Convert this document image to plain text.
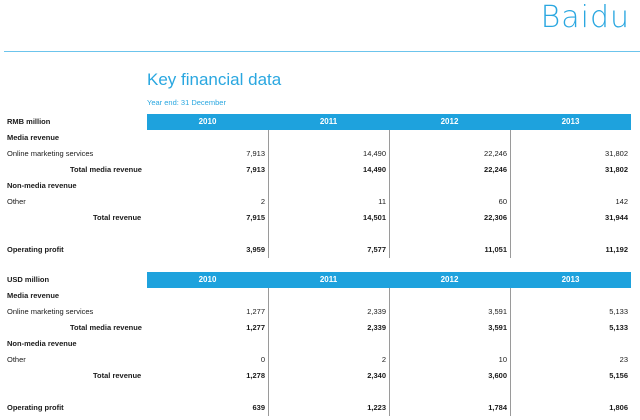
Baidu
Key financial data
Year end: 31 December
RMB million	2010	2011	2012	2013
Media revenue
Online marketing services	7,913	14,490	22,246	31,802
Total media revenue	7,913	14,490	22,246	31,802
Non-media revenue
Other	2	11	60	142
Total revenue	7,915	14,501	22,306	31,944
Operating profit	3,959	7,577	11,051	11,192
USD million	2010	2011	2012	2013
Media revenue
Online marketing services	1,277	2,339	3,591	5,133
Total media revenue	1,277	2,339	3,591	5,133
Non-media revenue
Other	0	2	10	23
Total revenue	1,278	2,340	3,600	5,156
Operating profit	639	1,223	1,784	1,806
